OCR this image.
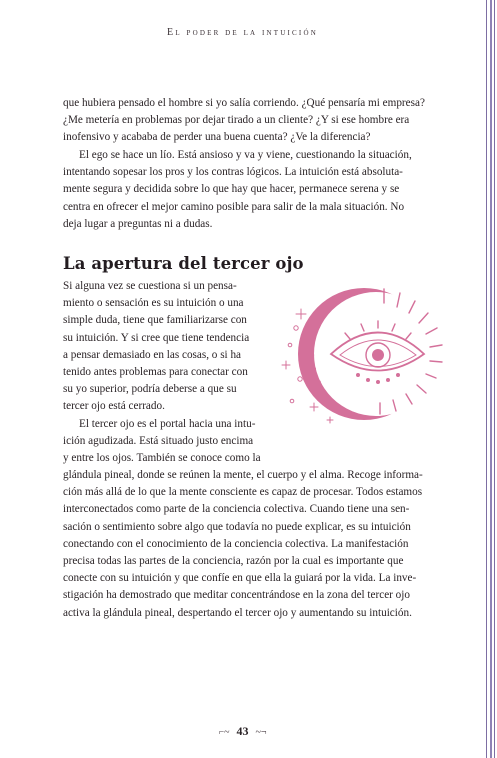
El poder de la intuición

que hubiera pensado el hombre si yo salía corriendo. ¿Qué pensaría mi empresa?
¿Me metería en problemas por dejar tirado a un cliente? ¿Y si ese hombre era
inofensivo y acababa de perder una buena cuenta? ¿Ve la diferencia?

El ego se hace un lío. Está ansioso y va y viene, cuestionando la situación,
intentando sopesar los pros y los contras lógicos. La intuición está absoluta-
mente segura y decidida sobre lo que hay que hacer, permanece serena y se
centra en ofrecer el mejor camino posible para salir de la mala situación. No
deja lugar a preguntas ni a dudas.

La apertura del tercer ojo

Si alguna vez se cuestiona si un pensa-
miento o sensación es su intuición o una
simple duda, tiene que familiarizarse con
su intuición. Y si cree que tiene tendencia
a pensar demasiado en las cosas, o si ha
tenido antes problemas para conectar con
su yo superior, podría deberse a que su
tercer ojo está cerrado.

El tercer ojo es el portal hacia una intu-
ición agudizada. Está situado justo encima
y entre los ojos. También se conoce como la

glándula pineal, donde se reúnen la mente, el cuerpo y el alma. Recoge informa-
ción más allá de lo que la mente consciente es capaz de procesar. Todos estamos
interconectados como parte de la conciencia colectiva. Cuando tiene una sen-
sación o sentimiento sobre algo que todavía no puede explicar, es su intuición
conectando con el conocimiento de la conciencia colectiva. La manifestación
precisa todas las partes de la conciencia, razón por la cual es importante que
conecte con su intuición y que confíe en que ella la guiará por la vida. La inve-
stigación ha demostrado que meditar concentrándose en la zona del tercer ojo
activa la glándula pineal, despertando el tercer ojo y aumentando su intuición.

⌐~ 43 ~¬
